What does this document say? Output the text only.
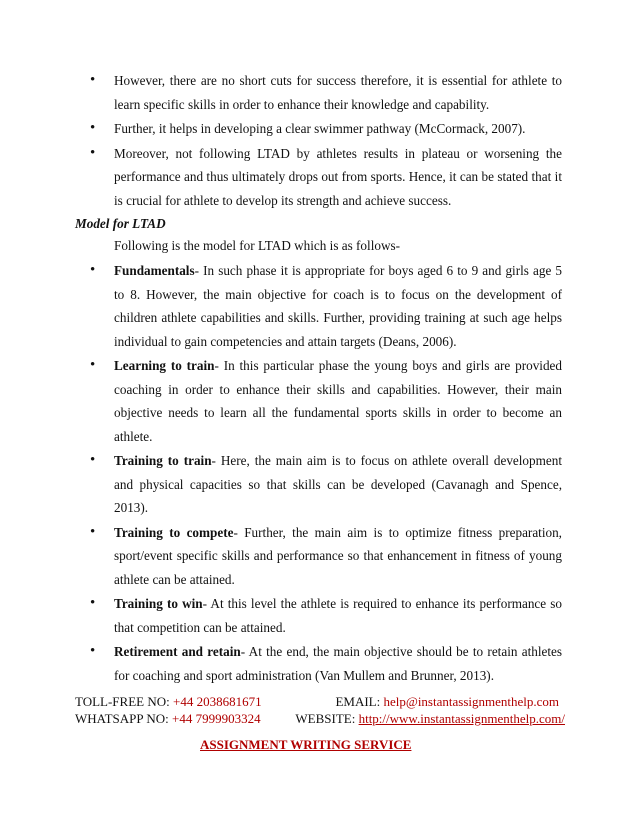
• However, there are no short cuts for success therefore, it is essential for athlete to learn specific skills in order to enhance their knowledge and capability.
• Further, it helps in developing a clear swimmer pathway (McCormack, 2007).
• Moreover, not following LTAD by athletes results in plateau or worsening the performance and thus ultimately drops out from sports. Hence, it can be stated that it is crucial for athlete to develop its strength and achieve success.
Model for LTAD
Following is the model for LTAD which is as follows-
• Fundamentals- In such phase it is appropriate for boys aged 6 to 9 and girls age 5 to 8. However, the main objective for coach is to focus on the development of children athlete capabilities and skills. Further, providing training at such age helps individual to gain competencies and attain targets (Deans, 2006).
• Learning to train- In this particular phase the young boys and girls are provided coaching in order to enhance their skills and capabilities. However, their main objective needs to learn all the fundamental sports skills in order to become an athlete.
• Training to train- Here, the main aim is to focus on athlete overall development and physical capacities so that skills can be developed (Cavanagh and Spence, 2013).
• Training to compete- Further, the main aim is to optimize fitness preparation, sport/event specific skills and performance so that enhancement in fitness of young athlete can be attained.
• Training to win- At this level the athlete is required to enhance its performance so that competition can be attained.
• Retirement and retain- At the end, the main objective should be to retain athletes for coaching and sport administration (Van Mullem and Brunner, 2013).
TOLL-FREE NO: +44 2038681671	EMAIL: help@instantassignmenthelp.com
WHATSAPP NO: +44 7999903324	WEBSITE: http://www.instantassignmenthelp.com/
ASSIGNMENT WRITING SERVICE
